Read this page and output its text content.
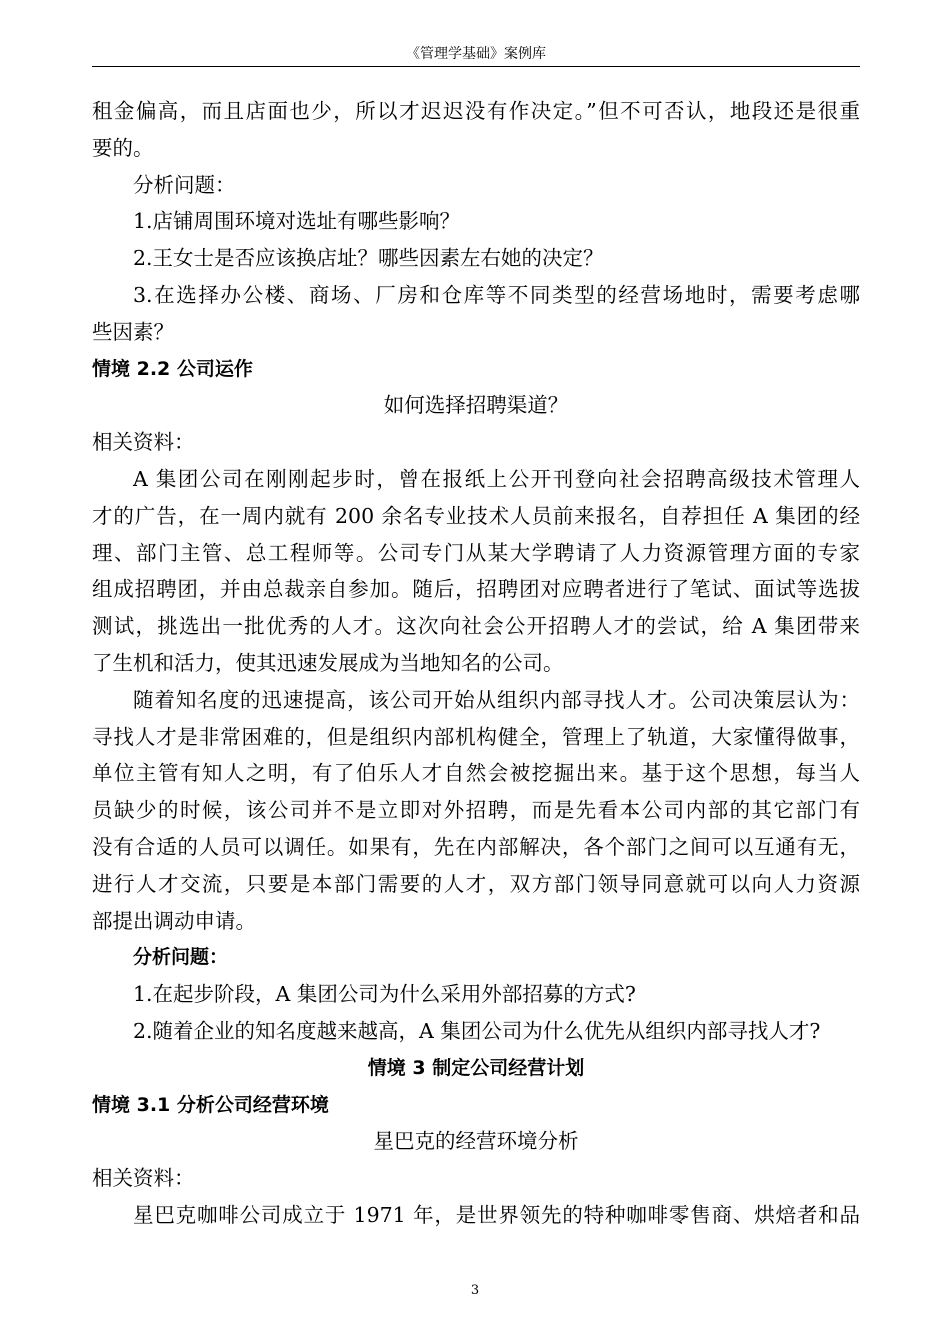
《管理学基础》案例库
租金偏高，而且店面也少，所以才迟迟没有作决定。”但不可否认，地段还是很重
要的。
分析问题：
1.店铺周围环境对选址有哪些影响？
2.王女士是否应该换店址？哪些因素左右她的决定？
3.在选择办公楼、商场、厂房和仓库等不同类型的经营场地时，需要考虑哪
些因素？
情境 2.2 公司运作
如何选择招聘渠道？
相关资料：
A 集团公司在刚刚起步时，曾在报纸上公开刊登向社会招聘高级技术管理人
才的广告，在一周内就有 200 余名专业技术人员前来报名，自荐担任 A 集团的经
理、部门主管、总工程师等。公司专门从某大学聘请了人力资源管理方面的专家
组成招聘团，并由总裁亲自参加。随后，招聘团对应聘者进行了笔试、面试等选拔
测试，挑选出一批优秀的人才。这次向社会公开招聘人才的尝试，给 A 集团带来
了生机和活力，使其迅速发展成为当地知名的公司。
随着知名度的迅速提高，该公司开始从组织内部寻找人才。公司决策层认为：
寻找人才是非常困难的，但是组织内部机构健全，管理上了轨道，大家懂得做事，
单位主管有知人之明，有了伯乐人才自然会被挖掘出来。基于这个思想，每当人
员缺少的时候，该公司并不是立即对外招聘，而是先看本公司内部的其它部门有
没有合适的人员可以调任。如果有，先在内部解决，各个部门之间可以互通有无，
进行人才交流，只要是本部门需要的人才，双方部门领导同意就可以向人力资源
部提出调动申请。
分析问题：
1.在起步阶段，A 集团公司为什么采用外部招募的方式?
2.随着企业的知名度越来越高，A 集团公司为什么优先从组织内部寻找人才?
情境 3 制定公司经营计划
情境 3.1 分析公司经营环境
星巴克的经营环境分析
相关资料：
星巴克咖啡公司成立于 1971 年，是世界领先的特种咖啡零售商、烘焙者和品
3
